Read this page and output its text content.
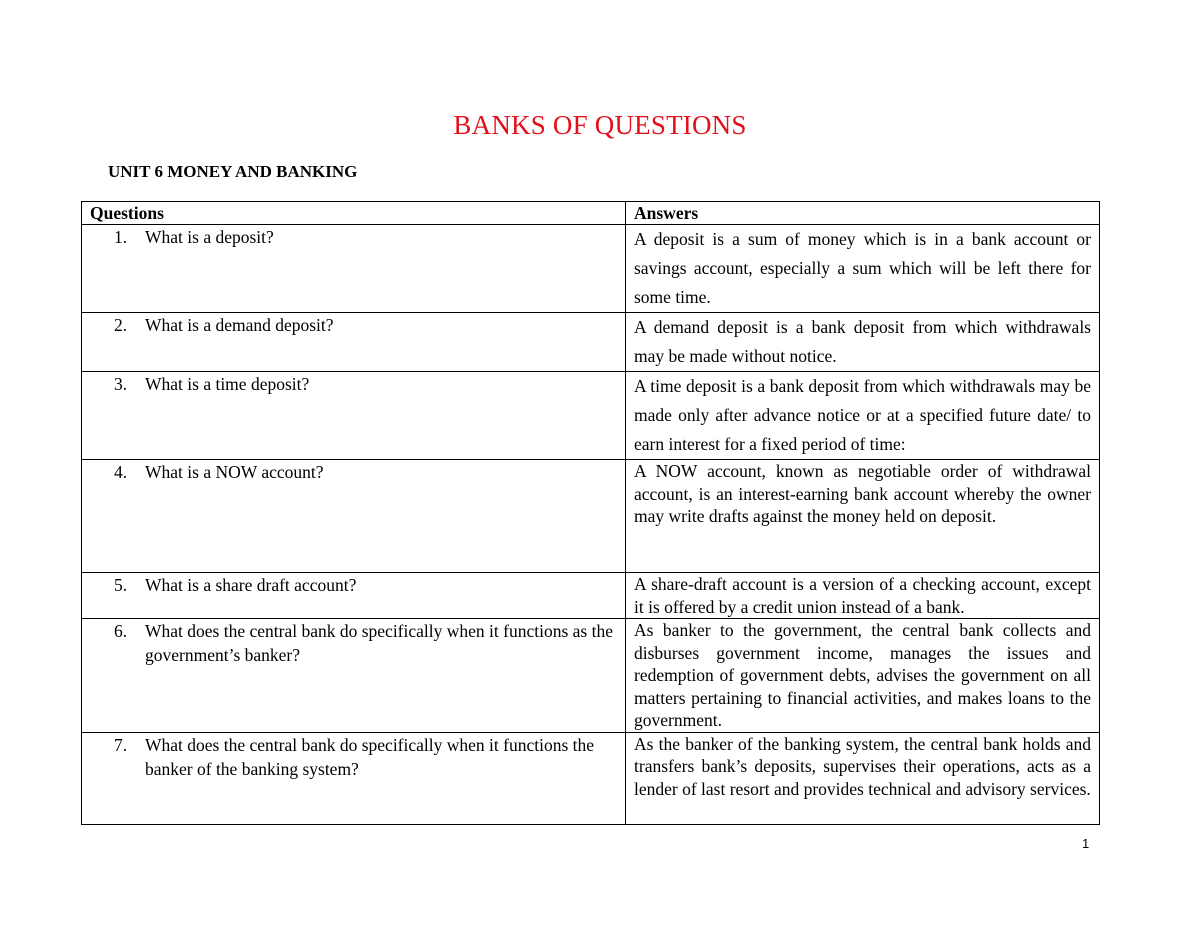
BANKS OF QUESTIONS
UNIT 6 MONEY AND BANKING
Questions	Answers

1. What is a deposit?	A deposit is a sum of money which is in a bank account or savings account, especially a sum which will be left there for some time.

2. What is a demand deposit?	A demand deposit is a bank deposit from which withdrawals may be made without notice.

3. What is a time deposit?	A time deposit is a bank deposit from which withdrawals may be made only after advance notice or at a specified future date/ to earn interest for a fixed period of time:

4. What is a NOW account?	A NOW account, known as negotiable order of withdrawal account, is an interest-earning bank account whereby the owner may write drafts against the money held on deposit.

5. What is a share draft account?	A share-draft account is a version of a checking account, except it is offered by a credit union instead of a bank.

6. What does the central bank do specifically when it functions as the government’s banker?	As banker to the government, the central bank collects and disburses government income, manages the issues and redemption of government debts, advises the government on all matters pertaining to financial activities, and makes loans to the government.

7. What does the central bank do specifically when it functions the banker of the banking system?	As the banker of the banking system, the central bank holds and transfers bank’s deposits, supervises their operations, acts as a lender of last resort and provides technical and advisory services.
1
